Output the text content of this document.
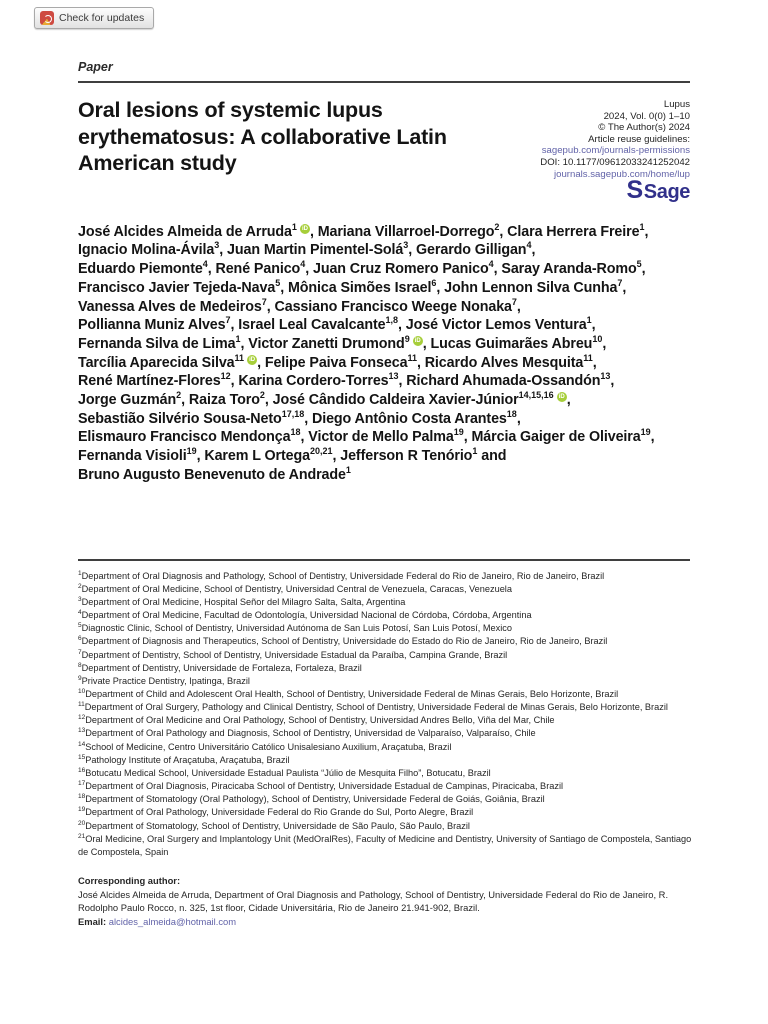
Check for updates
Paper
Oral lesions of systemic lupus
erythematosus: A collaborative Latin
American study
Lupus
2024, Vol. 0(0) 1–10
© The Author(s) 2024
Article reuse guidelines:
sagepub.com/journals-permissions
DOI: 10.1177/09612033241252042
journals.sagepub.com/home/lup
SSage
José Alcides Almeida de Arruda$^1$ iD , Mariana Villarroel-Dorrego$^2$, Clara Herrera Freire$^1$,
Ignacio Molina-Ávila$^3$, Juan Martin Pimentel-Solá$^3$, Gerardo Gilligan$^4$,
Eduardo Piemonte$^4$, René Panico$^4$, Juan Cruz Romero Panico$^4$, Saray Aranda-Romo$^5$,
Francisco Javier Tejeda-Nava$^5$, Mônica Simões Israel$^6$, John Lennon Silva Cunha$^7$,
Vanessa Alves de Medeiros$^7$, Cassiano Francisco Weege Nonaka$^7$,
Pollianna Muniz Alves$^7$, Israel Leal Cavalcante$^{1,8}$, José Victor Lemos Ventura$^1$,
Fernanda Silva de Lima$^1$, Victor Zanetti Drumond$^9$ iD , Lucas Guimarães Abreu$^{10}$,
Tarcília Aparecida Silva$^{11}$ iD , Felipe Paiva Fonseca$^{11}$, Ricardo Alves Mesquita$^{11}$,
René Martínez-Flores$^{12}$, Karina Cordero-Torres$^{13}$, Richard Ahumada-Ossandón$^{13}$,
Jorge Guzmán$^2$, Raiza Toro$^2$, José Cândido Caldeira Xavier-Júnior$^{14,15,16}$ iD ,
Sebastião Silvério Sousa-Neto$^{17,18}$, Diego Antônio Costa Arantes$^{18}$,
Elismauro Francisco Mendonça$^{18}$, Victor de Mello Palma$^{19}$, Márcia Gaiger de Oliveira$^{19}$,
Fernanda Visioli$^{19}$, Karem L Ortega$^{20,21}$, Jefferson R Tenório$^1$ and
Bruno Augusto Benevenuto de Andrade$^1$
$^1$Department of Oral Diagnosis and Pathology, School of Dentistry, Universidade Federal do Rio de Janeiro, Rio de Janeiro, Brazil
$^2$Department of Oral Medicine, School of Dentistry, Universidad Central de Venezuela, Caracas, Venezuela
$^3$Department of Oral Medicine, Hospital Señor del Milagro Salta, Salta, Argentina
$^4$Department of Oral Medicine, Facultad de Odontología, Universidad Nacional de Córdoba, Córdoba, Argentina
$^5$Diagnostic Clinic, School of Dentistry, Universidad Autónoma de San Luis Potosí, San Luis Potosí, Mexico
$^6$Department of Diagnosis and Therapeutics, School of Dentistry, Universidade do Estado do Rio de Janeiro, Rio de Janeiro, Brazil
$^7$Department of Dentistry, School of Dentistry, Universidade Estadual da Paraíba, Campina Grande, Brazil
$^8$Department of Dentistry, Universidade de Fortaleza, Fortaleza, Brazil
$^9$Private Practice Dentistry, Ipatinga, Brazil
$^{10}$Department of Child and Adolescent Oral Health, School of Dentistry, Universidade Federal de Minas Gerais, Belo Horizonte, Brazil
$^{11}$Department of Oral Surgery, Pathology and Clinical Dentistry, School of Dentistry, Universidade Federal de Minas Gerais, Belo Horizonte, Brazil
$^{12}$Department of Oral Medicine and Oral Pathology, School of Dentistry, Universidad Andres Bello, Viña del Mar, Chile
$^{13}$Department of Oral Pathology and Diagnosis, School of Dentistry, Universidad de Valparaíso, Valparaíso, Chile
$^{14}$School of Medicine, Centro Universitário Católico Unisalesiano Auxilium, Araçatuba, Brazil
$^{15}$Pathology Institute of Araçatuba, Araçatuba, Brazil
$^{16}$Botucatu Medical School, Universidade Estadual Paulista “Júlio de Mesquita Filho”, Botucatu, Brazil
$^{17}$Department of Oral Diagnosis, Piracicaba School of Dentistry, Universidade Estadual de Campinas, Piracicaba, Brazil
$^{18}$Department of Stomatology (Oral Pathology), School of Dentistry, Universidade Federal de Goiás, Goiânia, Brazil
$^{19}$Department of Oral Pathology, Universidade Federal do Rio Grande do Sul, Porto Alegre, Brazil
$^{20}$Department of Stomatology, School of Dentistry, Universidade de São Paulo, São Paulo, Brazil
$^{21}$Oral Medicine, Oral Surgery and Implantology Unit (MedOralRes), Faculty of Medicine and Dentistry, University of Santiago de Compostela, Santiago de Compostela, Spain
Corresponding author:
José Alcides Almeida de Arruda, Department of Oral Diagnosis and Pathology, School of Dentistry, Universidade Federal do Rio de Janeiro, R. Rodolpho Paulo Rocco, n. 325, 1st floor, Cidade Universitária, Rio de Janeiro 21.941-902, Brazil.
Email: alcides_almeida@hotmail.com
